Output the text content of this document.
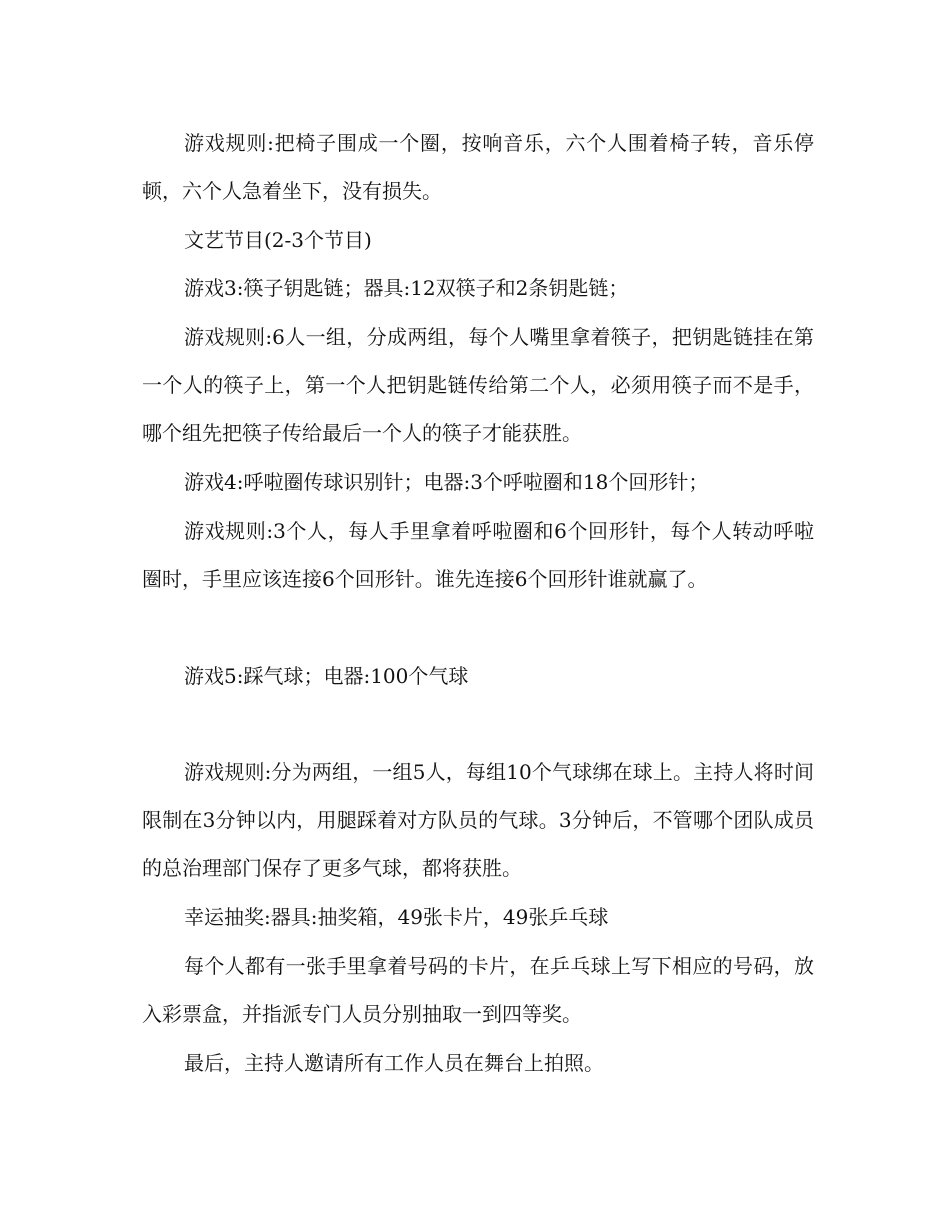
游戏规则:把椅子围成一个圈，按响音乐，六个人围着椅子转，音乐停顿，六个人急着坐下，没有损失。

文艺节目(2-3个节目)

游戏3:筷子钥匙链；器具:12双筷子和2条钥匙链；

游戏规则:6人一组，分成两组，每个人嘴里拿着筷子，把钥匙链挂在第一个人的筷子上，第一个人把钥匙链传给第二个人，必须用筷子而不是手，哪个组先把筷子传给最后一个人的筷子才能获胜。

游戏4:呼啦圈传球识别针；电器:3个呼啦圈和18个回形针；

游戏规则:3个人，每人手里拿着呼啦圈和6个回形针，每个人转动呼啦圈时，手里应该连接6个回形针。谁先连接6个回形针谁就赢了。

游戏5:踩气球；电器:100个气球

游戏规则:分为两组，一组5人，每组10个气球绑在球上。主持人将时间限制在3分钟以内，用腿踩着对方队员的气球。3分钟后，不管哪个团队成员的总治理部门保存了更多气球，都将获胜。

幸运抽奖:器具:抽奖箱，49张卡片，49张乒乓球

每个人都有一张手里拿着号码的卡片，在乒乓球上写下相应的号码，放入彩票盒，并指派专门人员分别抽取一到四等奖。

最后，主持人邀请所有工作人员在舞台上拍照。
